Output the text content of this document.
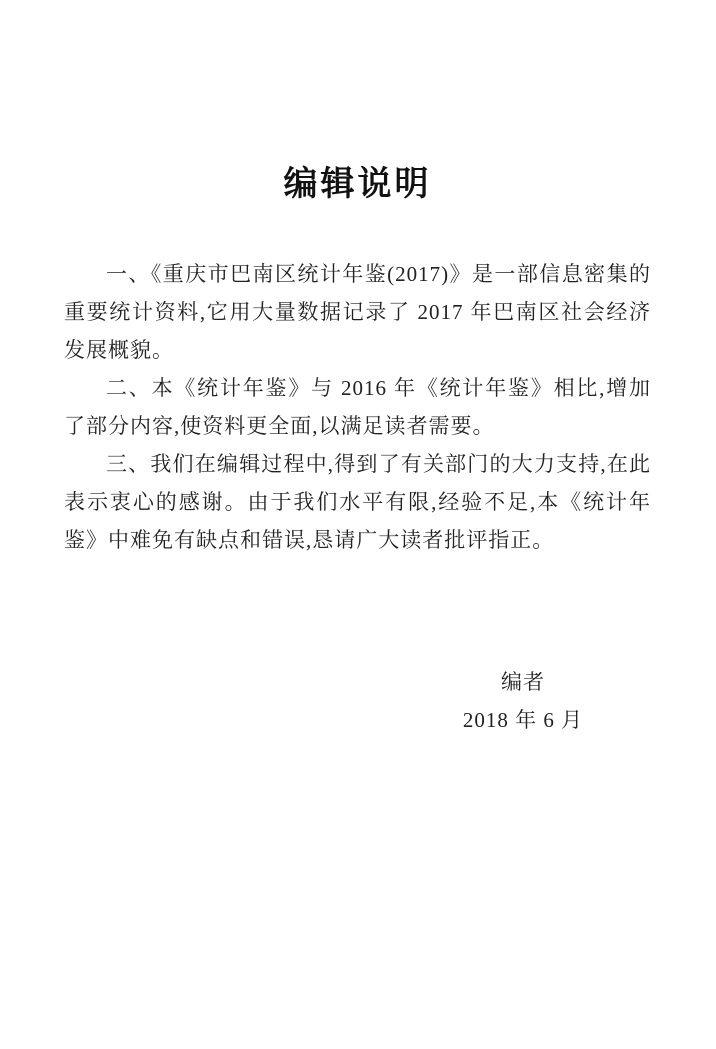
编辑说明

一、《重庆市巴南区统计年鉴(2017)》是一部信息密集的重要统计资料,它用大量数据记录了 2017 年巴南区社会经济发展概貌。

二、本《统计年鉴》与 2016 年《统计年鉴》相比,增加了部分内容,使资料更全面,以满足读者需要。

三、我们在编辑过程中,得到了有关部门的大力支持,在此表示衷心的感谢。由于我们水平有限,经验不足,本《统计年鉴》中难免有缺点和错误,恳请广大读者批评指正。

编者
2018 年 6 月
